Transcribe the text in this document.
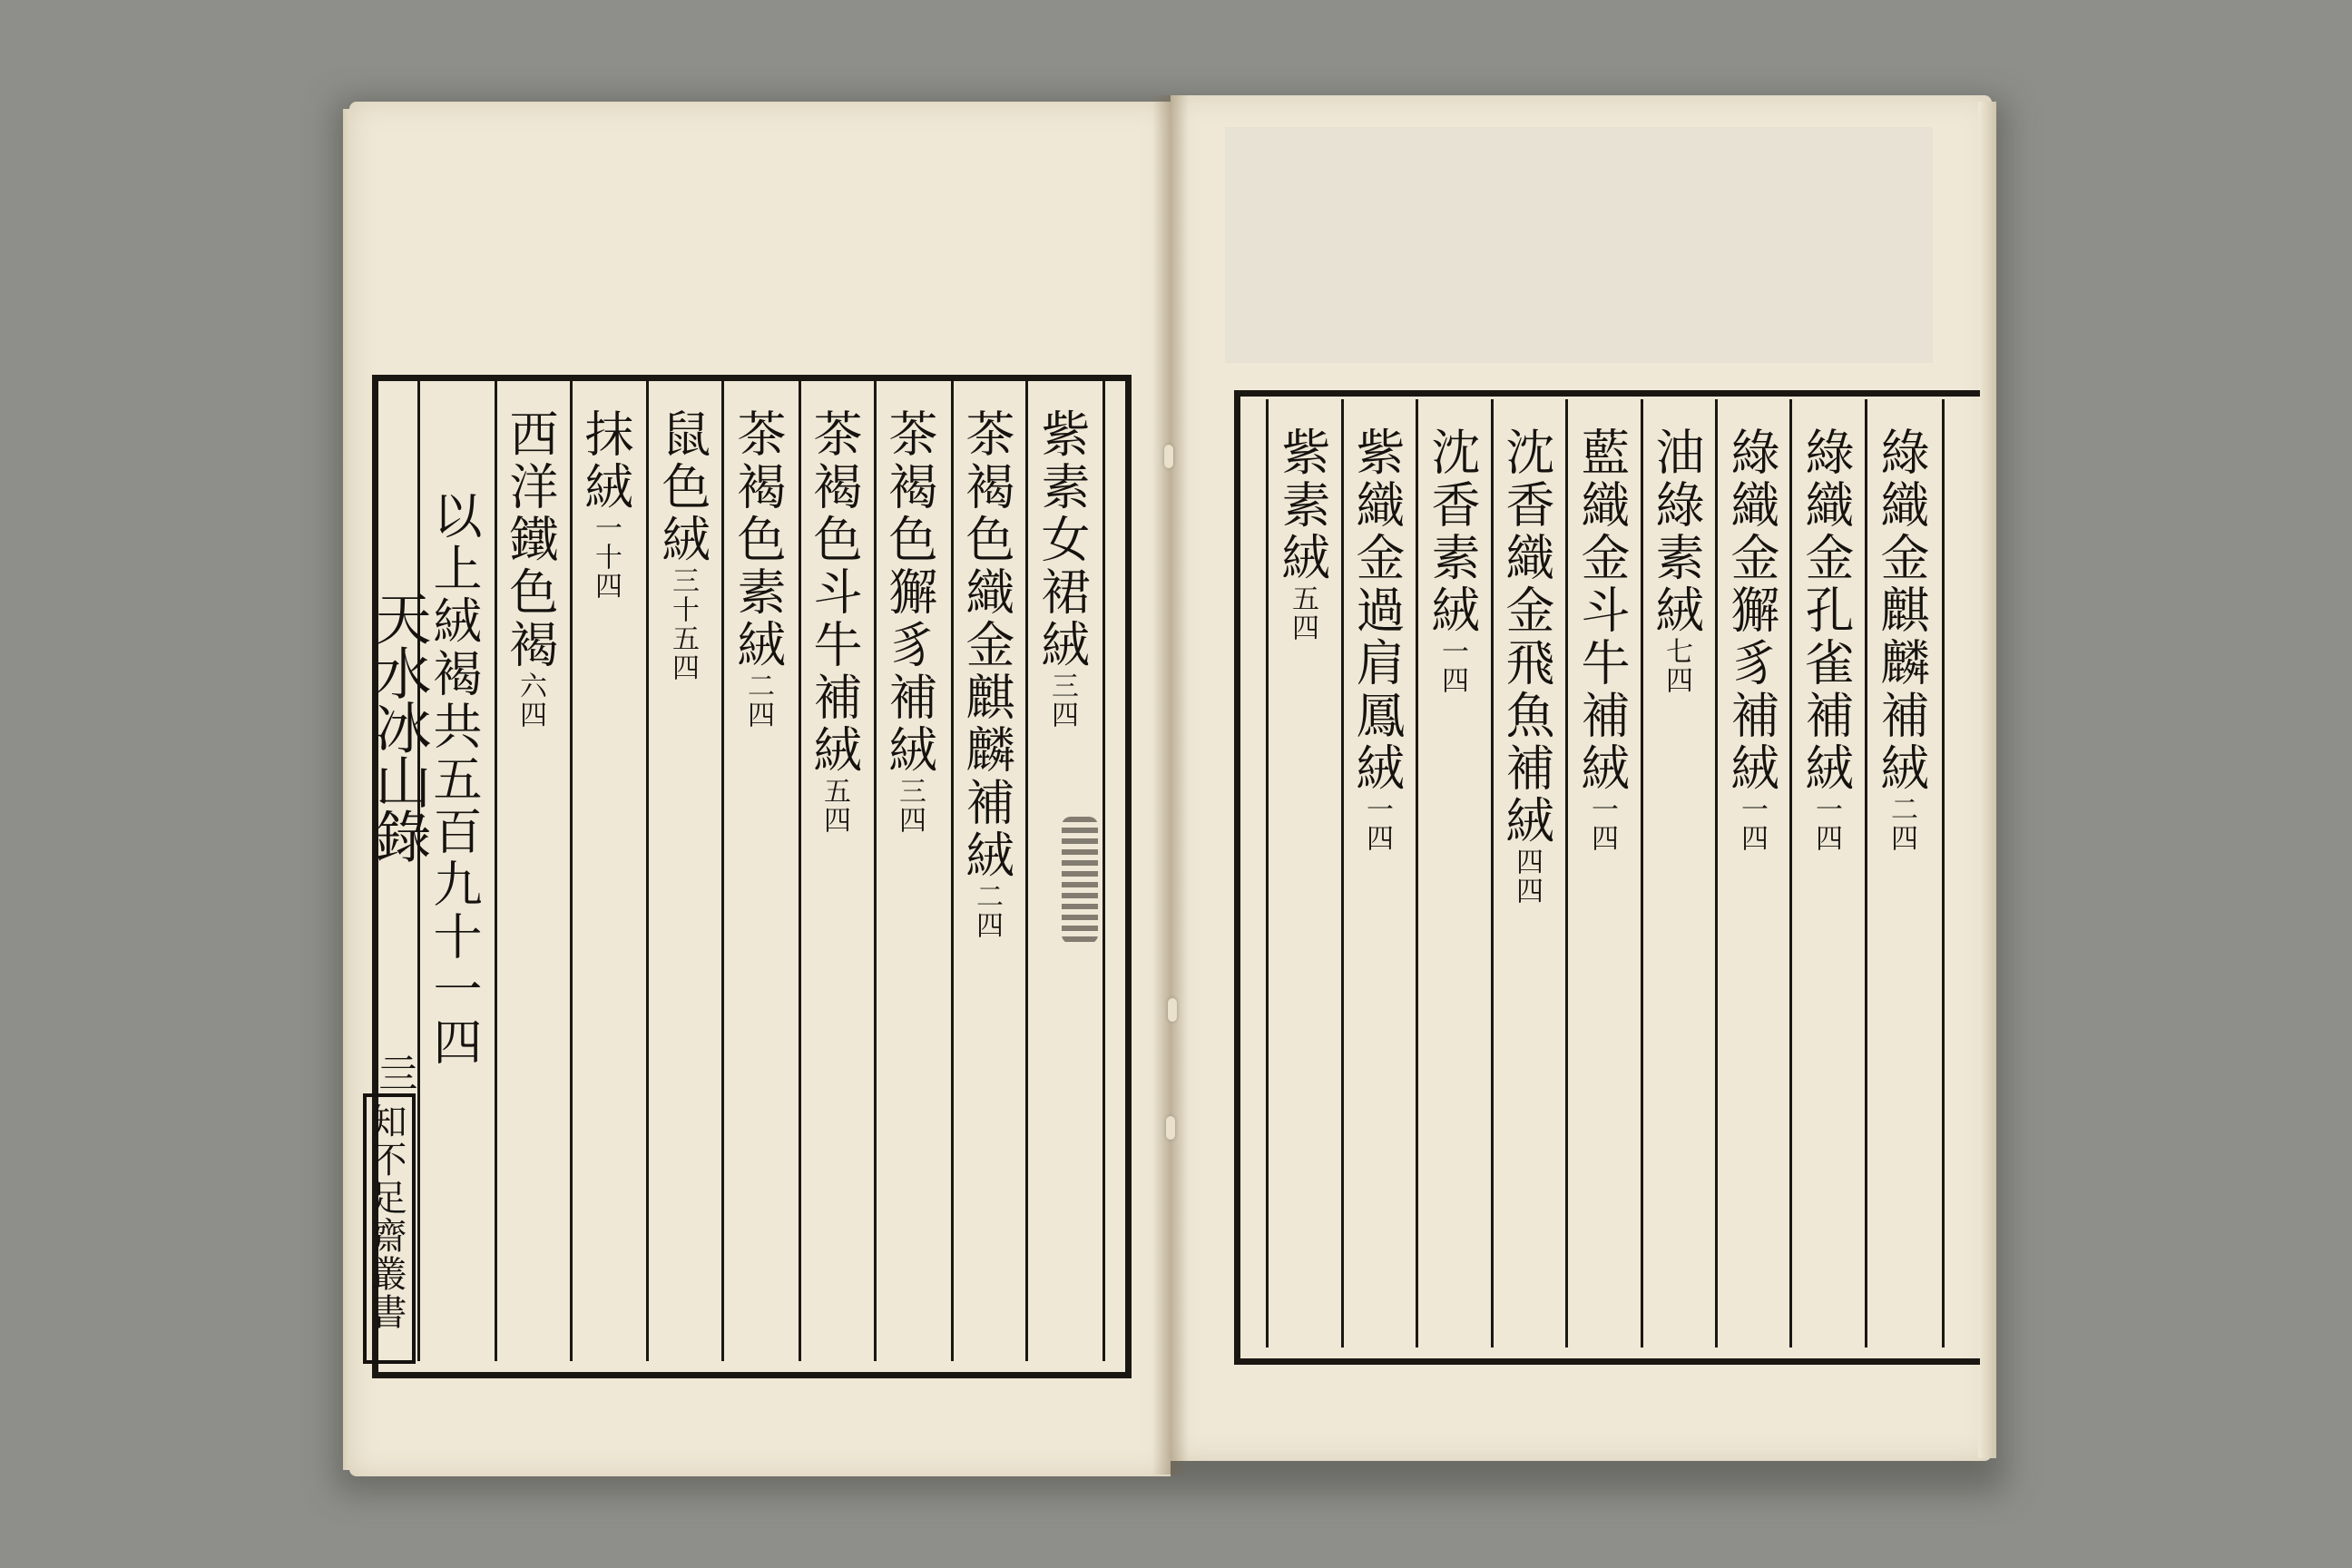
紫素女裙絨三四
茶褐色織金麒麟補絨二四
茶褐色獬豸補絨三四
茶褐色斗牛補絨五四
茶褐色素絨二四
鼠色絨三十五四
抹絨一十四
西洋鐵色褐六四
以上絨褐共五百九十一四
天水冰山錄
亖
知不足齋叢書
綠織金麒麟補絨二四
綠織金孔雀補絨一四
綠織金獬豸補絨一四
油綠素絨七四
藍織金斗牛補絨一四
沈香織金飛魚補絨四四
沈香素絨一四
紫織金過肩鳳絨一四
紫素絨五四
